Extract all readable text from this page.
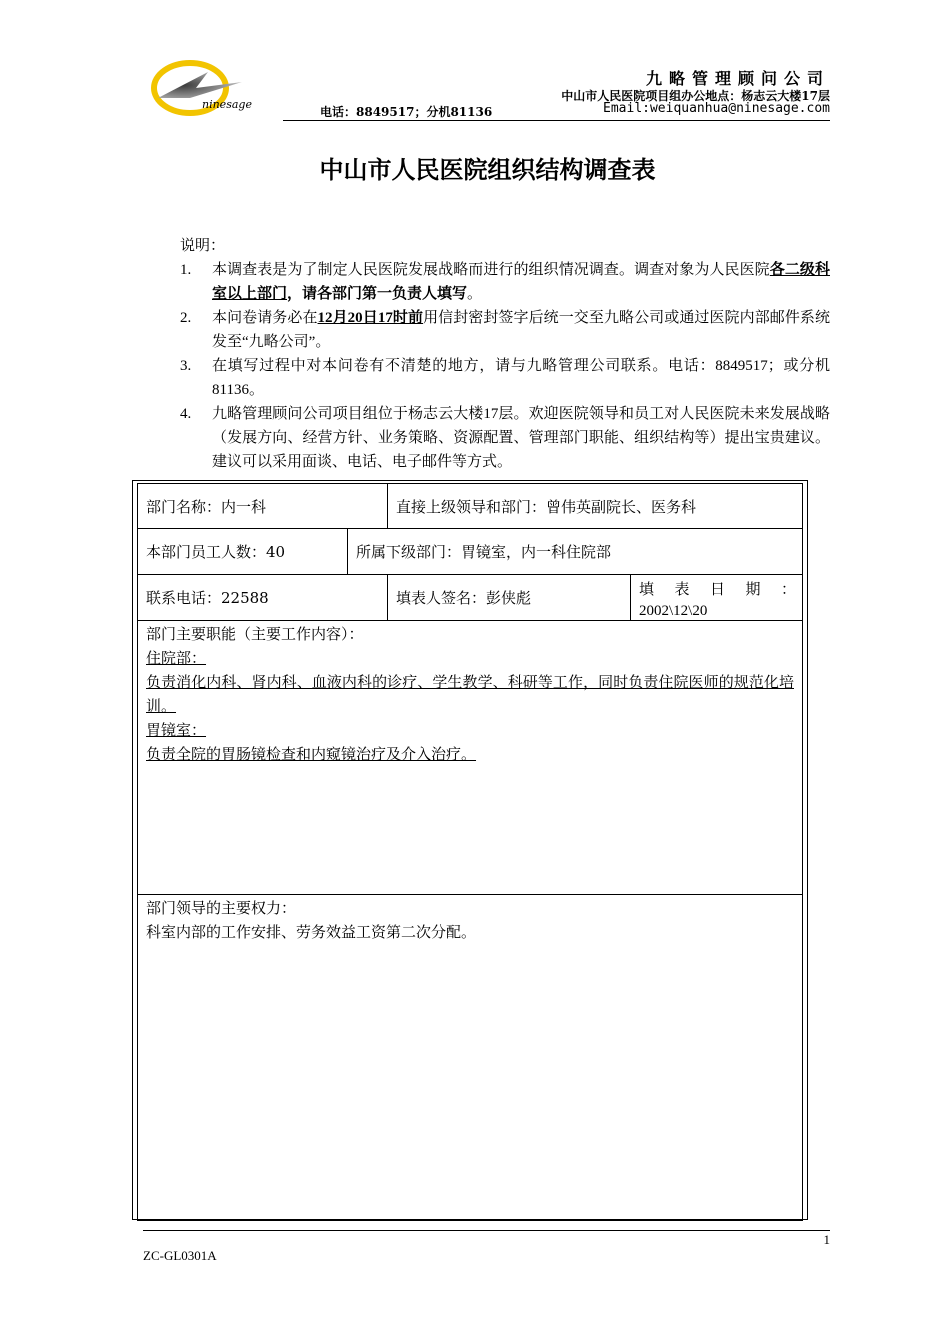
ninesage
九略管理顾问公司
中山市人民医院项目组办公地点：杨志云大楼17层
电话：8849517；分机81136	Email:weiquanhua@ninesage.com
中山市人民医院组织结构调查表
说明：
1. 本调查表是为了制定人民医院发展战略而进行的组织情况调查。调查对象为人民医院各二级科室以上部门，请各部门第一负责人填写。
2. 本问卷请务必在12月20日17时前用信封密封签字后统一交至九略公司或通过医院内部邮件系统发至“九略公司”。
3. 在填写过程中对本问卷有不清楚的地方，请与九略管理公司联系。电话：8849517；或分机81136。
4. 九略管理顾问公司项目组位于杨志云大楼17层。欢迎医院领导和员工对人民医院未来发展战略（发展方向、经营方针、业务策略、资源配置、管理部门职能、组织结构等）提出宝贵建议。建议可以采用面谈、电话、电子邮件等方式。
部门名称：内一科	直接上级领导和部门：曾伟英副院长、医务科
本部门员工人数：40	所属下级部门：胃镜室，内一科住院部
联系电话：22588	填表人签名：彭侠彪	填 表 日 期 ：
2002\12\20
部门主要职能（主要工作内容）：
住院部：
负责消化内科、肾内科、血液内科的诊疗、学生教学、科研等工作，同时负责住院医师的规范化培训。
胃镜室：
负责全院的胃肠镜检查和内窥镜治疗及介入治疗。
部门领导的主要权力：
科室内部的工作安排、劳务效益工资第二次分配。
1
ZC-GL0301A
